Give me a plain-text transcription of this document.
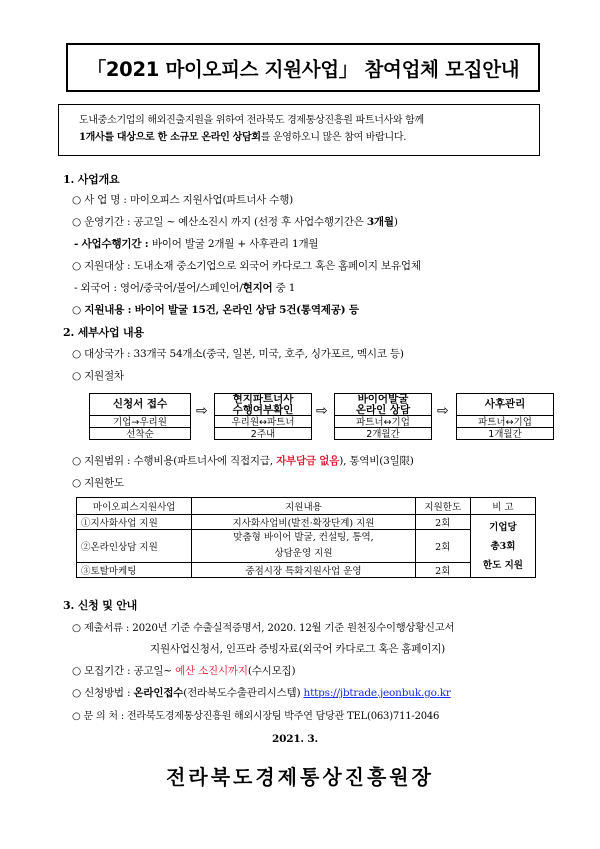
「2021 마이오피스 지원사업」 참여업체 모집안내
도내중소기업의 해외진출지원을 위하여 전라북도 경제통상진흥원 파트너사와 함께
1개사를 대상으로 한 소규모 온라인 상담회를 운영하오니 많은 참여 바랍니다.
1. 사업개요
○ 사 업 명 : 마이오피스 지원사업(파트너사 수행)
○ 운영기간 : 공고일 ~ 예산소진시 까지 (선정 후 사업수행기간은 3개월)
- 사업수행기간 : 바이어 발굴 2개월 + 사후관리 1개월
○ 지원대상 : 도내소재 중소기업으로 외국어 카다로그 혹은 홈페이지 보유업체
- 외국어 : 영어/중국어/불어/스페인어/현지어 중 1
○ 지원내용 : 바이어 발굴 15건, 온라인 상담 5건(통역제공) 등
2. 세부사업 내용
○ 대상국가 : 33개국 54개소(중국, 일본, 미국, 호주, 싱가포르, 멕시코 등)
○ 지원절차
신청서 접수
기업→우리원
선착순
⇨
현지파트너사
수행여부확인
우리원↔파트너
2주내
⇨
바이어발굴
온라인 상담
파트너↔기업
2개월간
⇨	사후관리
파트너↔기업
1개월간
○ 지원범위 : 수행비용(파트너사에 직접지급, 자부담금 없음), 통역비(3일限)
○ 지원한도
마이오피스지원사업	지원내용	지원한도	비 고
①지사화사업 지원	지사화사업비(발전·확장단계) 지원	2회	기업당
총3회
한도 지원
②온라인상담 지원	맞춤형 바이어 발굴, 컨설팅, 통역,
상담운영 지원	2회	
③토탈마케팅	중점시장 특화지원사업 운영	2회	
3. 신청 및 안내
○ 제출서류 : 2020년 기준 수출실적증명서, 2020. 12월 기준 원천징수이행상황신고서
지원사업신청서, 인프라 증빙자료(외국어 카다로그 혹은 홈페이지)
○ 모집기간 : 공고일~ 예산 소진시까지(수시모집)
○ 신청방법 : 온라인접수(전라북도수출관리시스템) https://jbtrade.jeonbuk.go.kr
○ 문 의 처 : 전라북도경제통상진흥원 해외시장팀 박주연 담당관 TEL(063)711-2046
2021. 3.
전라북도경제통상진흥원장
